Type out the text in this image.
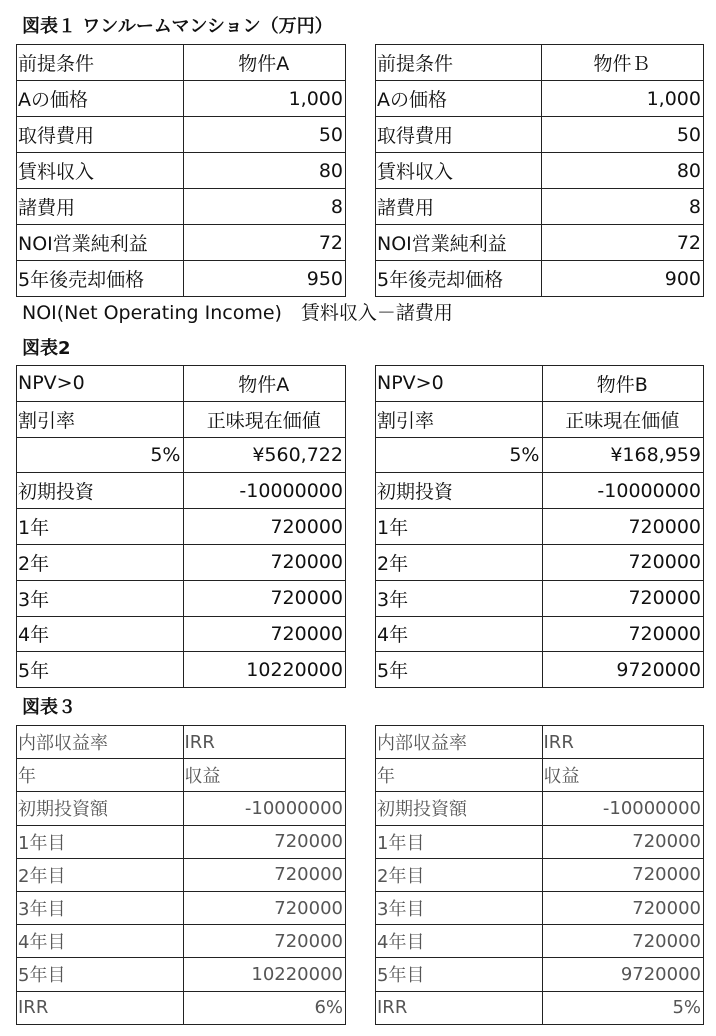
図表１ ワンルームマンション（万円）
前提条件	物件A
Aの価格	1,000
取得費用	50
賃料収入	80
諸費用	8
NOI営業純利益	72
5年後売却価格	950
前提条件	物件Ｂ
Aの価格	1,000
取得費用	50
賃料収入	80
諸費用	8
NOI営業純利益	72
5年後売却価格	900
NOI(Net Operating Income)　賃料収入－諸費用
図表2
NPV>0	物件A
割引率	正味現在価値
5%	¥560,722
初期投資	-10000000
1年	720000
2年	720000
3年	720000
4年	720000
5年	10220000
NPV>0	物件B
割引率	正味現在価値
5%	¥168,959
初期投資	-10000000
1年	720000
2年	720000
3年	720000
4年	720000
5年	9720000
図表３
内部収益率	IRR
年	収益
初期投資額	-10000000
1年目	720000
2年目	720000
3年目	720000
4年目	720000
5年目	10220000
IRR	6%
内部収益率	IRR
年	収益
初期投資額	-10000000
1年目	720000
2年目	720000
3年目	720000
4年目	720000
5年目	9720000
IRR	5%
